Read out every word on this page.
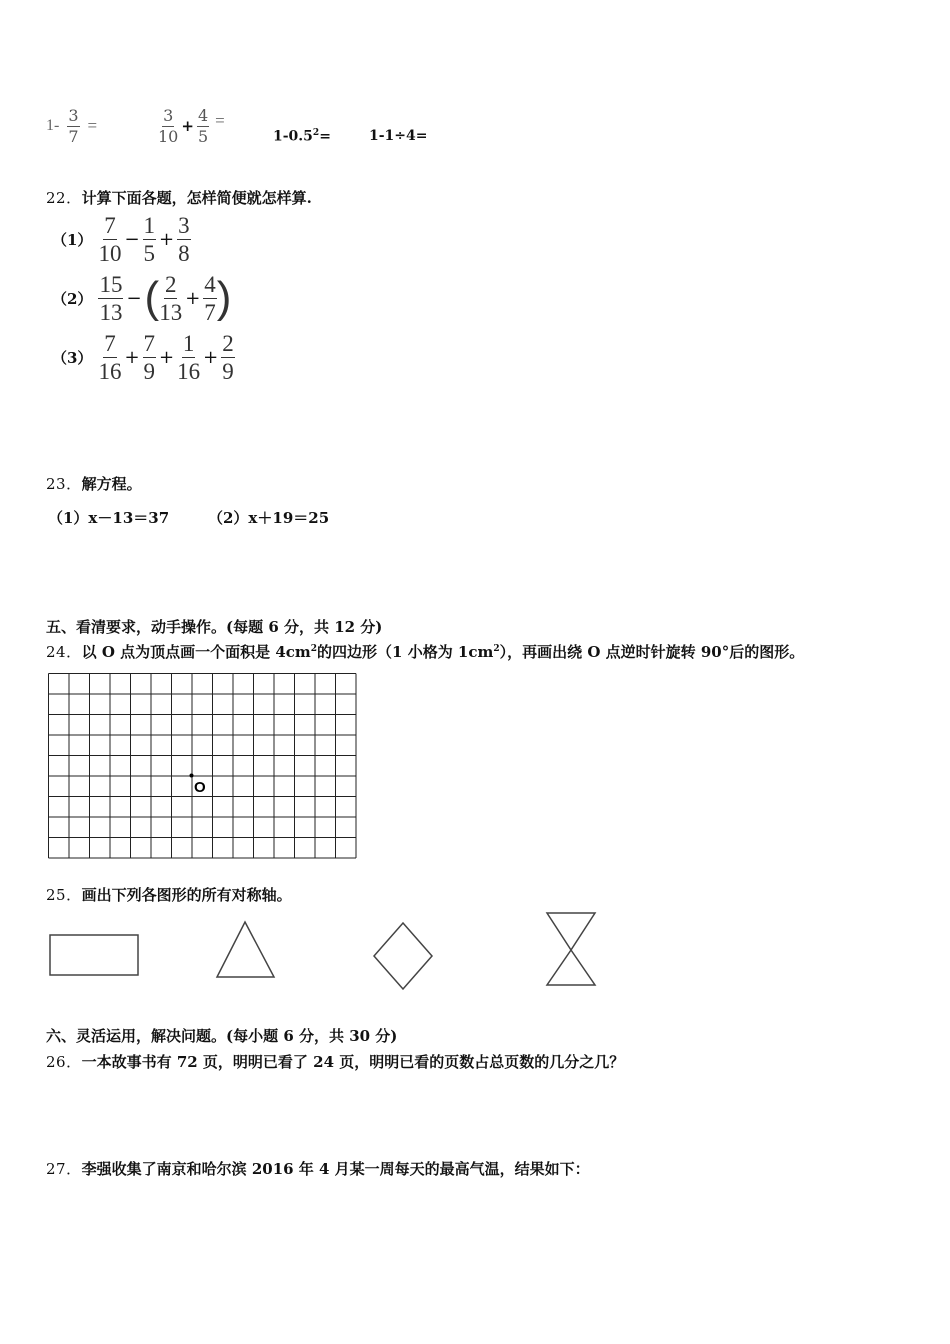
$1- \frac{3}{7}$ =	$\frac{3}{10} + \frac{4}{5}$ =
$1-0.5^2=$	1-1÷4=
22．计算下面各题，怎样简便就怎样算.
$(1) \frac{7}{10} - \frac{1}{5} + \frac{3}{8}$
$(2) \frac{15}{13}$ − ( $\frac{2}{13} + \frac{4}{7}$ )
$(3) \frac{7}{16} + \frac{7}{9} + \frac{1}{16} + \frac{2}{9}$
23．解方程。
（1）x－13＝37	（2）x＋19＝25
五、看清要求，动手操作。(每题 6 分，共 12 分)
24．以 O 点为顶点画一个面积是 $4cm^2$的四边形（1 小格为 $1cm^2$），再画出绕 O 点逆时针旋转 90°后的图形。
O
25．画出下列各图形的所有对称轴。
六、灵活运用，解决问题。(每小题 6 分，共 30 分)
26．一本故事书有 72 页，明明已看了 24 页，明明已看的页数占总页数的几分之几？
27．李强收集了南京和哈尔滨 2016 年 4 月某一周每天的最高气温，结果如下：
